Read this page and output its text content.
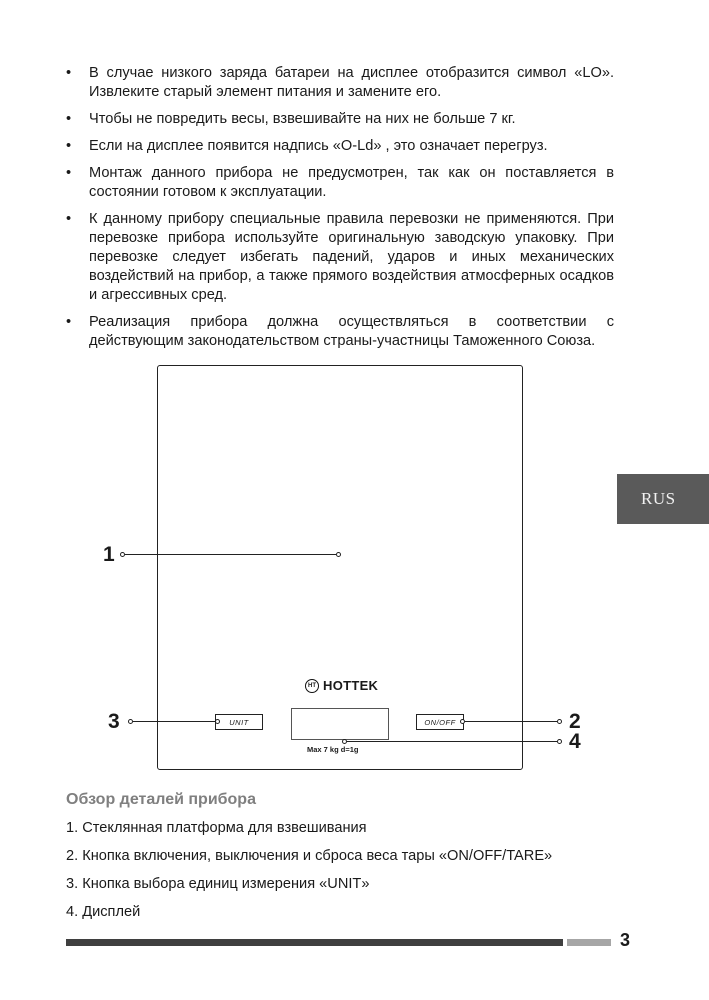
• В случае низкого заряда батареи на дисплее отобразится символ «LO». Извлеките старый элемент питания и замените его.
• Чтобы не повредить весы, взвешивайте на них не больше 7 кг.
• Если на дисплее появится надпись «O-Ld» , это означает перегруз.
• Монтаж данного прибора не предусмотрен, так как он поставляется в состоянии готовом к эксплуатации.
• К данному прибору специальные правила перевозки не применяются. При перевозке прибора используйте оригинальную заводскую упаковку. При перевозке следует избегать падений, ударов и иных механических воздействий на прибор, а также прямого воздействия атмосферных осадков и агрессивных сред.
• Реализация прибора должна осуществляться в соответствии с действующим законодательством страны-участницы Таможенного Союза.
RUS
HT HOTTEK
UNIT	ON/OFF
Max 7 kg d=1g
1
3	2
4
Обзор деталей прибора
1. Стеклянная платформа для взвешивания
2. Кнопка включения, выключения и сброса веса тары «ON/OFF/TARE»
3. Кнопка выбора единиц измерения «UNIT»
4. Дисплей
3
